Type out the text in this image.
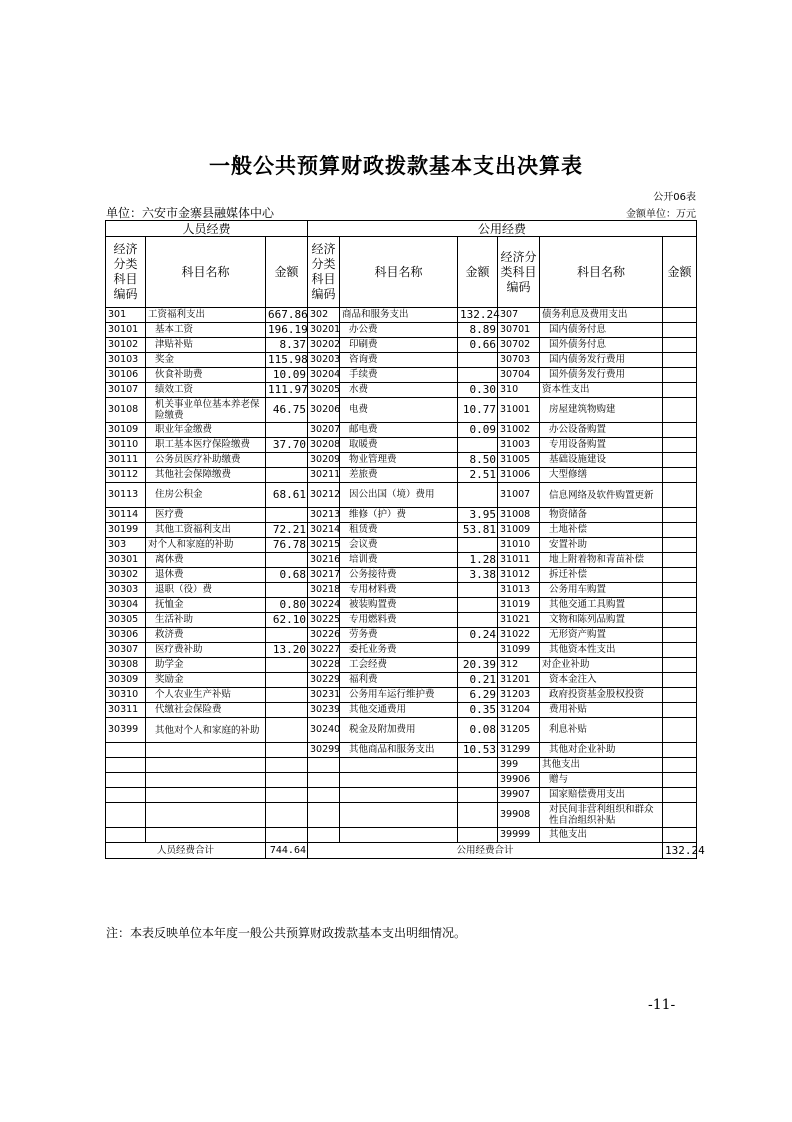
一般公共预算财政拨款基本支出决算表
公开06表
单位：六安市金寨县融媒体中心	金额单位：万元
人员经费			公用经费					
经济分类科目编码	科目名称	金额	经济分类科目编码	科目名称	金额	经济分类科目编码	科目名称	金额
301	工资福利支出	667.86	302	商品和服务支出	132.24	307	债务利息及费用支出	
30101	基本工资	196.19	30201	办公费	8.89	30701	国内债务付息	
30102	津贴补贴	8.37	30202	印刷费	0.66	30702	国外债务付息	
30103	奖金	115.98	30203	咨询费		30703	国内债务发行费用	
30106	伙食补助费	10.09	30204	手续费		30704	国外债务发行费用	
30107	绩效工资	111.97	30205	水费	0.30	310	资本性支出	
30108	机关事业单位基本养老保险缴费	46.75	30206	电费	10.77	31001	房屋建筑物购建	
30109	职业年金缴费		30207	邮电费	0.09	31002	办公设备购置	
30110	职工基本医疗保险缴费	37.70	30208	取暖费		31003	专用设备购置	
30111	公务员医疗补助缴费		30209	物业管理费	8.50	31005	基础设施建设	
30112	其他社会保障缴费		30211	差旅费	2.51	31006	大型修缮	
30113	住房公积金	68.61	30212	因公出国（境）费用		31007	信息网络及软件购置更新	
30114	医疗费		30213	维修（护）费	3.95	31008	物资储备	
30199	其他工资福利支出	72.21	30214	租赁费	53.81	31009	土地补偿	
303	对个人和家庭的补助	76.78	30215	会议费		31010	安置补助	
30301	离休费		30216	培训费	1.28	31011	地上附着物和青苗补偿	
30302	退休费	0.68	30217	公务接待费	3.38	31012	拆迁补偿	
30303	退职（役）费		30218	专用材料费		31013	公务用车购置	
30304	抚恤金	0.80	30224	被装购置费		31019	其他交通工具购置	
30305	生活补助	62.10	30225	专用燃料费		31021	文物和陈列品购置	
30306	救济费		30226	劳务费	0.24	31022	无形资产购置	
30307	医疗费补助	13.20	30227	委托业务费		31099	其他资本性支出	
30308	助学金		30228	工会经费	20.39	312	对企业补助	
30309	奖励金		30229	福利费	0.21	31201	资本金注入	
30310	个人农业生产补贴		30231	公务用车运行维护费	6.29	31203	政府投资基金股权投资	
30311	代缴社会保险费		30239	其他交通费用	0.35	31204	费用补贴	
30399	其他对个人和家庭的补助		30240	税金及附加费用	0.08	31205	利息补贴	
			30299	其他商品和服务支出	10.53	31299	其他对企业补助	
						399	其他支出	
						39906	赠与	
						39907	国家赔偿费用支出	
						39908	对民间非营利组织和群众性自治组织补贴	
						39999	其他支出	
人员经费合计		744.64	公用经费合计					132.24
注：本表反映单位本年度一般公共预算财政拨款基本支出明细情况。
-11-
